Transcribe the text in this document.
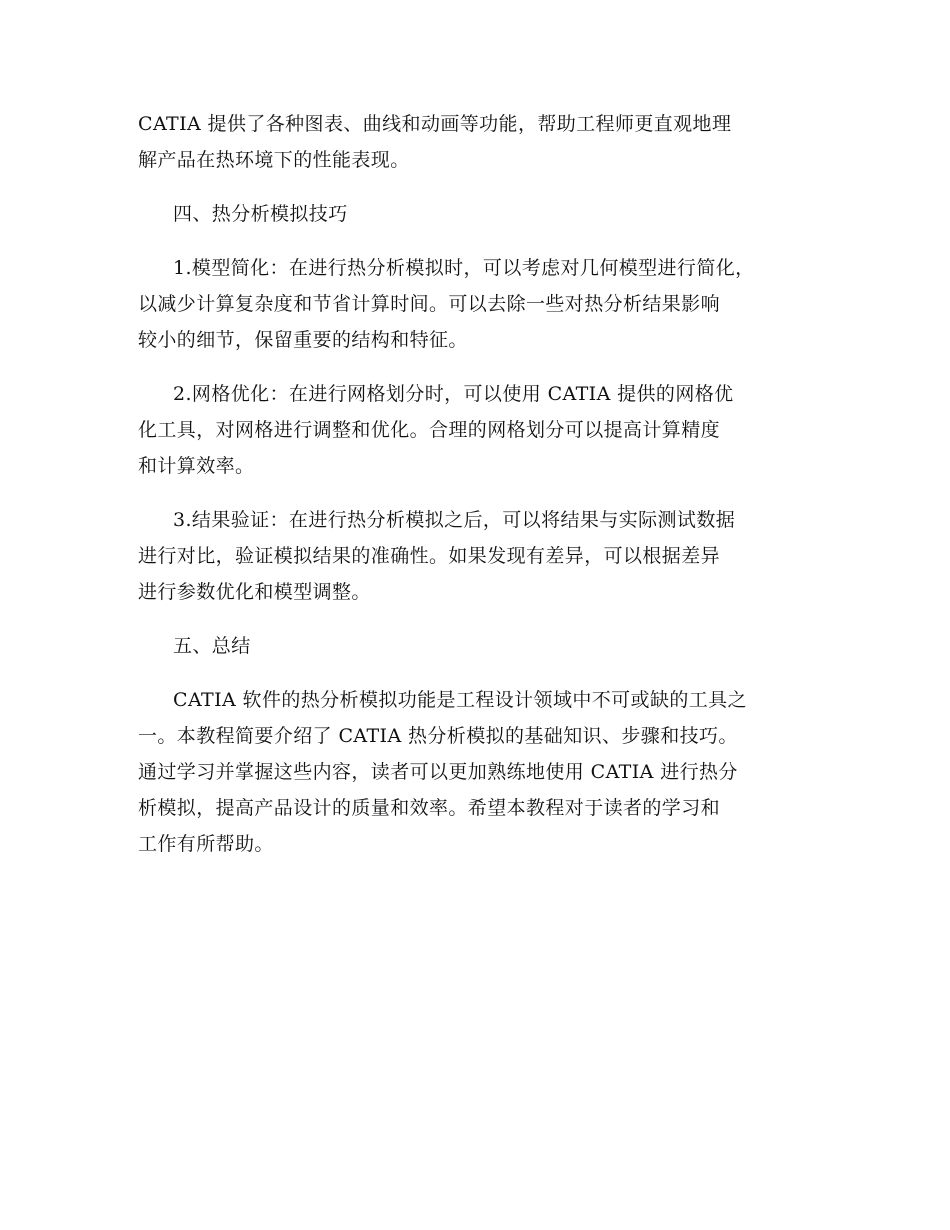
CATIA 提供了各种图表、曲线和动画等功能，帮助工程师更直观地理
解产品在热环境下的性能表现。

四、热分析模拟技巧

1.模型简化：在进行热分析模拟时，可以考虑对几何模型进行简化，
以减少计算复杂度和节省计算时间。可以去除一些对热分析结果影响
较小的细节，保留重要的结构和特征。

2.网格优化：在进行网格划分时，可以使用 CATIA 提供的网格优
化工具，对网格进行调整和优化。合理的网格划分可以提高计算精度
和计算效率。

3.结果验证：在进行热分析模拟之后，可以将结果与实际测试数据
进行对比，验证模拟结果的准确性。如果发现有差异，可以根据差异
进行参数优化和模型调整。

五、总结

CATIA 软件的热分析模拟功能是工程设计领域中不可或缺的工具之
一。本教程简要介绍了 CATIA 热分析模拟的基础知识、步骤和技巧。
通过学习并掌握这些内容，读者可以更加熟练地使用 CATIA 进行热分
析模拟，提高产品设计的质量和效率。希望本教程对于读者的学习和
工作有所帮助。
